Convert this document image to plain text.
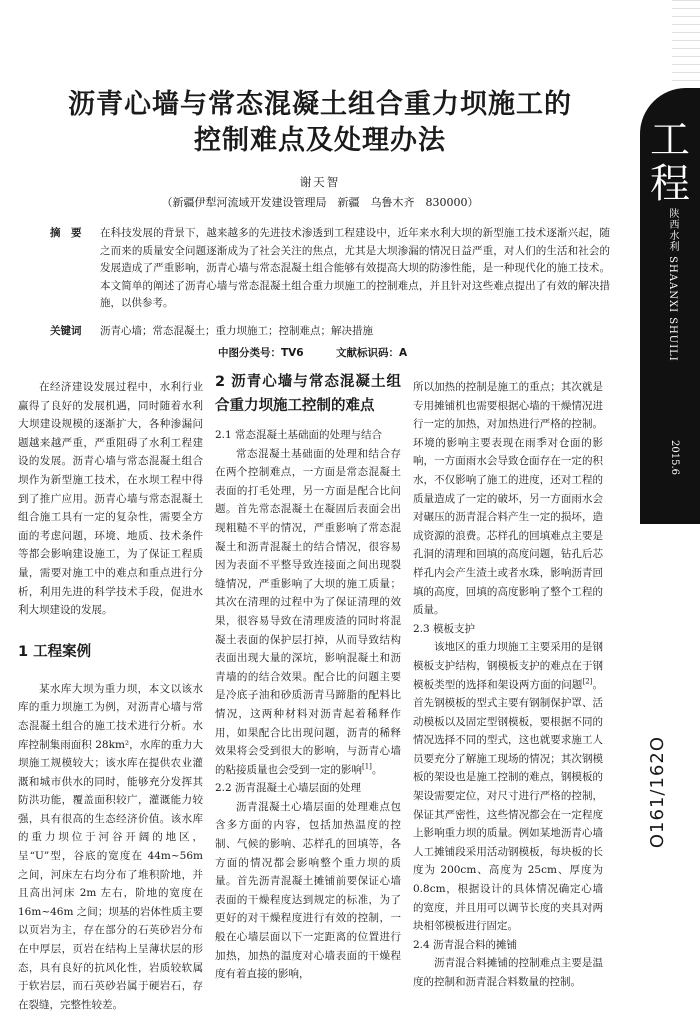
沥青心墙与常态混凝土组合重力坝施工的
控制难点及处理办法
谢天智
（新疆伊犁河流域开发建设管理局　新疆　乌鲁木齐　830000）
摘　要	在科技发展的背景下，越来越多的先进技术渗透到工程建设中，近年来水利大坝的新型施工技术逐渐兴起，随之而来的质量安全问题逐渐成为了社会关注的焦点，尤其是大坝渗漏的情况日益严重，对人们的生活和社会的发展造成了严重影响，沥青心墙与常态混凝土组合能够有效提高大坝的防渗性能，是一种现代化的施工技术。本文简单的阐述了沥青心墙与常态混凝土组合重力坝施工的控制难点，并且针对这些难点提出了有效的解决措施，以供参考。
关键词	沥青心墙；常态混凝土；重力坝施工；控制难点；解决措施
中图分类号：TV6	文献标识码：A

在经济建设发展过程中，水利行业赢得了良好的发展机遇，同时随着水利大坝建设规模的逐渐扩大，各种渗漏问题越来越严重，严重阻碍了水利工程建设的发展。沥青心墙与常态混凝土组合坝作为新型施工技术，在水坝工程中得到了推广应用。沥青心墙与常态混凝土组合施工具有一定的复杂性，需要全方面的考虑问题，环境、地质、技术条件等都会影响建设施工，为了保证工程质量，需要对施工中的难点和重点进行分析，利用先进的科学技术手段，促进水利大坝建设的发展。

1 工程案例

某水库大坝为重力坝，本文以该水库的重力坝施工为例，对沥青心墙与常态混凝土组合的施工技术进行分析。水库控制集雨面积 28km²，水库的重力大坝施工规模较大；该水库在提供农业灌溉和城市供水的同时，能够充分发挥其防洪功能，覆盖面积较广，灌溉能力较强，具有很高的生态经济价值。该水库的重力坝位于河谷开阔的地区，呈“U”型，谷底的宽度在 44m~56m 之间，河床左右均分布了堆积阶地，并且高出河床 2m 左右，阶地的宽度在 16m~46m 之间；坝基的岩体性质主要以页岩为主，存在部分的石英砂岩分布在中厚层，页岩在结构上呈薄状层的形态，具有良好的抗风化性，岩质较软属于软岩层，而石英砂岩属于硬岩石，存在裂缝，完整性较差。

2 沥青心墙与常态混凝土组合重力坝施工控制的难点

2.1 常态混凝土基础面的处理与结合

常态混凝土基础面的处理和结合存在两个控制难点，一方面是常态混凝土表面的打毛处理，另一方面是配合比问题。首先常态混凝土在凝固后表面会出现粗糙不平的情况，严重影响了常态混凝土和沥青混凝土的结合情况，很容易因为表面不平整导致连接面之间出现裂缝情况，严重影响了大坝的施工质量；其次在清理的过程中为了保证清理的效果，很容易导致在清理废渣的同时将混凝土表面的保护层打掉，从而导致结构表面出现大量的深坑，影响混凝土和沥青墙的的结合效果。配合比的问题主要是冷底子油和砂质沥青马蹄脂的配料比情况，这两种材料对沥青起着稀释作用，如果配合比出现问题，沥青的稀释效果将会受到很大的影响，与沥青心墙的粘接质量也会受到一定的影响[1]。

2.2 沥青混凝土心墙层面的处理

沥青混凝土心墙层面的处理难点包含多方面的内容，包括加热温度的控制、气候的影响、芯样孔的回填等，各方面的情况都会影响整个重力坝的质量。首先沥青混凝土摊铺前要保证心墙表面的干燥程度达到规定的标准，为了更好的对干燥程度进行有效的控制，一般在心墙层面以下一定距离的位置进行加热，加热的温度对心墙表面的干燥程度有着直接的影响，

所以加热的控制是施工的重点；其次就是专用摊铺机也需要根据心墙的干燥情况进行一定的加热，对加热进行严格的控制。环境的影响主要表现在雨季对仓面的影响，一方面雨水会导致仓面存在一定的积水，不仅影响了施工的进度，还对工程的质量造成了一定的破坏，另一方面雨水会对碾压的沥青混合料产生一定的损坏，造成资源的浪费。芯样孔的回填难点主要是孔洞的清理和回填的高度问题，钻孔后芯样孔内会产生渣土或者水珠，影响沥青回填的高度，回填的高度影响了整个工程的质量。

2.3 模板支护

该地区的重力坝施工主要采用的是钢模板支护结构，钢模板支护的难点在于钢模板类型的选择和架设两方面的问题[2]。首先钢模板的型式主要有钢制保护罩、活动模板以及固定型钢模板，要根据不同的情况选择不同的型式，这也就要求施工人员要充分了解施工现场的情况；其次钢模板的架设也是施工控制的难点，钢模板的架设需要定位，对尺寸进行严格的控制，保证其严密性，这些情况都会在一定程度上影响重力坝的质量。例如某地沥青心墙人工摊铺段采用活动钢模板，每块板的长度为 200cm、高度为 25cm、厚度为 0.8cm，根据设计的具体情况确定心墙的宽度，并且用可以调节长度的夹具对两块相邻模板进行固定。

2.4 沥青混合料的摊铺

沥青混合料摊铺的控制难点主要是温度的控制和沥青混合料数量的控制。

工
程
陕西水利 SHAANXI SHUILI
2015.6
O161/162O
